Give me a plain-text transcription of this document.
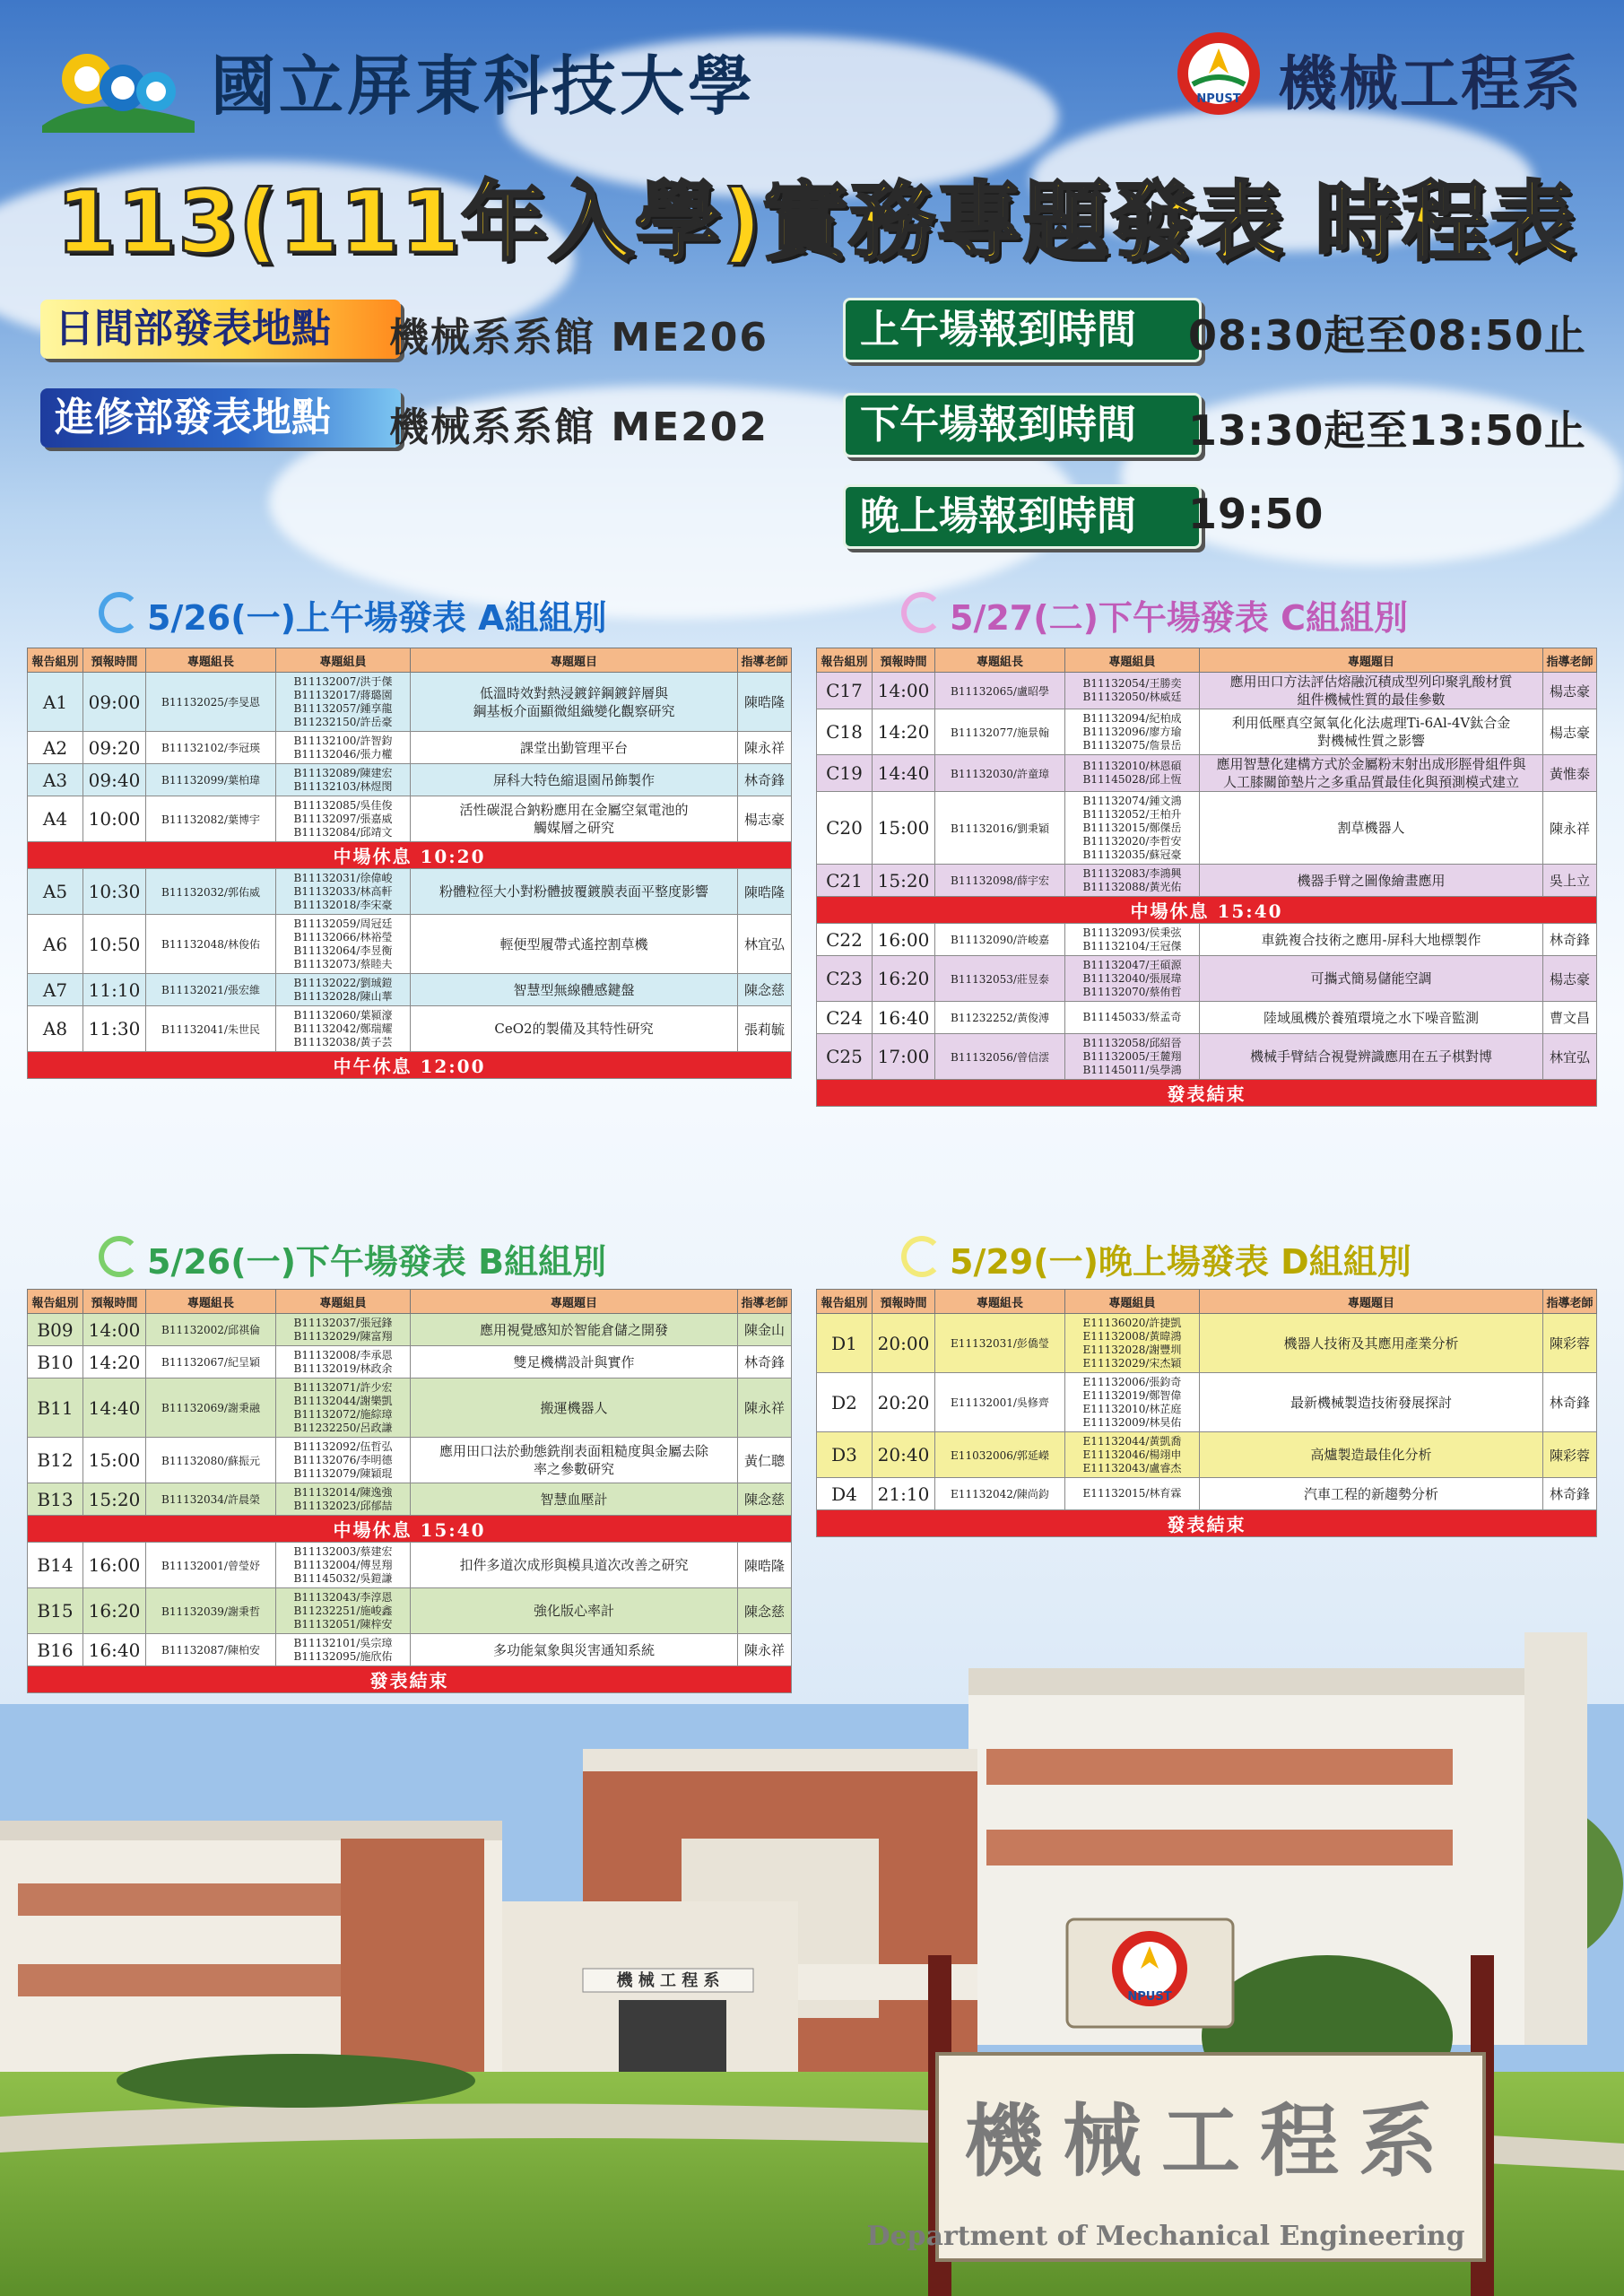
國立屏東科技大學	NPUST 機械工程系
113(111年入學)實務專題發表 時程表
日間部發表地點	機械系系館 ME206
進修部發表地點	機械系系館 ME202
上午場報到時間	08:30起至08:50止
下午場報到時間	13:30起至13:50止
晚上場報到時間	19:50
5/26(一)上午場發表 A組組別	5/27(二)下午場發表 C組組別
5/26(一)下午場發表 B組組別	5/29(一)晚上場發表 D組組別
報告組別	預報時間	專題組長	專題組員	專題題目	指導老師
A1	09:00	B11132025/李旻恩	B11132007/洪于傑
B11132017/蔣璐園
B11132057/鍾享龍
B11232150/許岳豪	低溫時效對熱浸鍍鋅鋼鍍鋅層與
鋼基板介面顯微組織變化觀察研究	陳晧隆
A2	09:20	B11132102/李冠瑛	B11132100/許智鈞
B11132046/張力權	課堂出勤管理平台	陳永祥
A3	09:40	B11132099/葉柏瑋	B11132089/陳建宏
B11132103/林煜閔	屏科大特色縮退園吊飾製作	林奇鋒
A4	10:00	B11132082/葉博宇	B11132085/吳佳俊
B11132097/張嘉威
B11132084/邱靖文	活性碳混合鈉粉應用在金屬空氣電池的
觸媒層之研究	楊志豪
中場休息 10:20					
A5	10:30	B11132032/郭佑威	B11132031/徐偉峻
B11132033/林高軒
B11132018/李宋豪	粉體粒徑大小對粉體披覆鍍膜表面平整度影響	陳晧隆
A6	10:50	B11132048/林俊佑	B11132059/周冠廷
B11132066/林裕瑩
B11132064/李昱衡
B11132073/蔡睦夫	輕便型履帶式遙控割草機	林宜弘
A7	11:10	B11132021/張宏維	B11132022/劉珹鎧
B11132028/陳山華	智慧型無線體感鍵盤	陳念慈
A8	11:30	B11132041/朱世民	B11132060/葉潁濠
B11132042/鄭瑞耀
B11132038/黃子芸	CeO2的製備及其特性研究	張莉毓
中午休息 12:00					
報告組別	預報時間	專題組長	專題組員	專題題目	指導老師
C17	14:00	B11132065/盧昭學	B11132054/王勝奕
B11132050/林威廷	應用田口方法評估熔融沉積成型列印聚乳酸材質
組件機械性質的最佳參數	楊志豪
C18	14:20	B11132077/施景翰	B11132094/紀柏成
B11132096/廖方瑜
B11132075/詹景岳	利用低壓真空氮氧化化法處理Ti-6Al-4V鈦合金
對機械性質之影響	楊志豪
C19	14:40	B11132030/許童璋	B11132010/林恩碩
B11145028/邱上恆	應用智慧化建構方式於金屬粉末射出成形脛骨組件與
人工膝關節墊片之多重品質最佳化與預測模式建立	黃惟泰
C20	15:00	B11132016/劉秉穎	B11132074/鍾文鴻
B11132052/王柏升
B11132015/鄭傑岳
B11132020/李哲安
B11132035/蘇冠豪	割草機器人	陳永祥
C21	15:20	B11132098/薛宇宏	B11132083/李鴻興
B11132088/黃光佑	機器手臂之圖像繪畫應用	吳上立
中場休息 15:40					
C22	16:00	B11132090/許峻嘉	B11132093/侯秉弦
B11132104/王冠傑	車銑複合技術之應用-屏科大地標製作	林奇鋒
C23	16:20	B11132053/莊昱泰	B11132047/王碩源
B11132040/張展瑋
B11132070/蔡侑哲	可攜式簡易儲能空調	楊志豪
C24	16:40	B11232252/黃俊溥	B11145033/蔡孟奇	陸域風機於養殖環境之水下噪音監測	曹文昌
C25	17:00	B11132056/曾信澐	B11132058/邱紹晉
B11132005/王麓翔
B11145011/吳學鴻	機械手臂結合視覺辨識應用在五子棋對博	林宜弘
發表結束					
報告組別	預報時間	專題組長	專題組員	專題題目	指導老師
B09	14:00	B11132002/邱祺倫	B11132037/張冠鋒
B11132029/陳富翔	應用視覺感知於智能倉儲之開發	陳金山
B10	14:20	B11132067/紀呈穎	B11132008/李承恩
B11132019/林政余	雙足機構設計與實作	林奇鋒
B11	14:40	B11132069/謝秉融	B11132071/許少宏
B11132044/謝樂凱
B11132072/施綜璋
B11232250/呂政謙	搬運機器人	陳永祥
B12	15:00	B11132080/蘇振元	B11132092/伍哲弘
B11132076/李明德
B11132079/陳穎琨	應用田口法於動態銑削表面粗糙度與金屬去除
率之參數研究	黃仁聰
B13	15:20	B11132034/許晨榮	B11132014/陳逸強
B11132023/邱郁喆	智慧血壓計	陳念慈
中場休息 15:40					
B14	16:00	B11132001/曾瑩妤	B11132003/蔡建宏
B11132004/傅昱翔
B11145032/吳鎧謙	扣件多道次成形與模具道次改善之研究	陳晧隆
B15	16:20	B11132039/謝秉哲	B11132043/李淳恩
B11232251/施峻鑫
B11132051/陳梓安	強化版心率計	陳念慈
B16	16:40	B11132087/陳柏安	B11132101/吳宗璋
B11132095/施欣佑	多功能氣象與災害通知系統	陳永祥
發表結束					
報告組別	預報時間	專題組長	專題組員	專題題目	指導老師
D1	20:00	E11132031/彭僑瑩	E11136020/許捷凱
E11132008/黃暐鴻
E11132028/謝豐圳
E11132029/宋杰穎	機器人技術及其應用產業分析	陳彩蓉
D2	20:20	E11132001/吳修齊	E11132006/張鈞奇
E11132019/鄭智偉
E11132010/林芷庭
E11132009/林昊佑	最新機械製造技術發展探討	林奇鋒
D3	20:40	E11032006/郭延嶸	E11132044/黃凱喬
E11132046/楊翊申
E11132043/盧睿杰	高爐製造最佳化分析	陳彩蓉
D4	21:10	E11132042/陳尚鈞	E11132015/林育霖	汽車工程的新趨勢分析	林奇鋒
發表結束					
機 械 工 程 系
NPUST
機械工程系
Department of Mechanical Engineering
